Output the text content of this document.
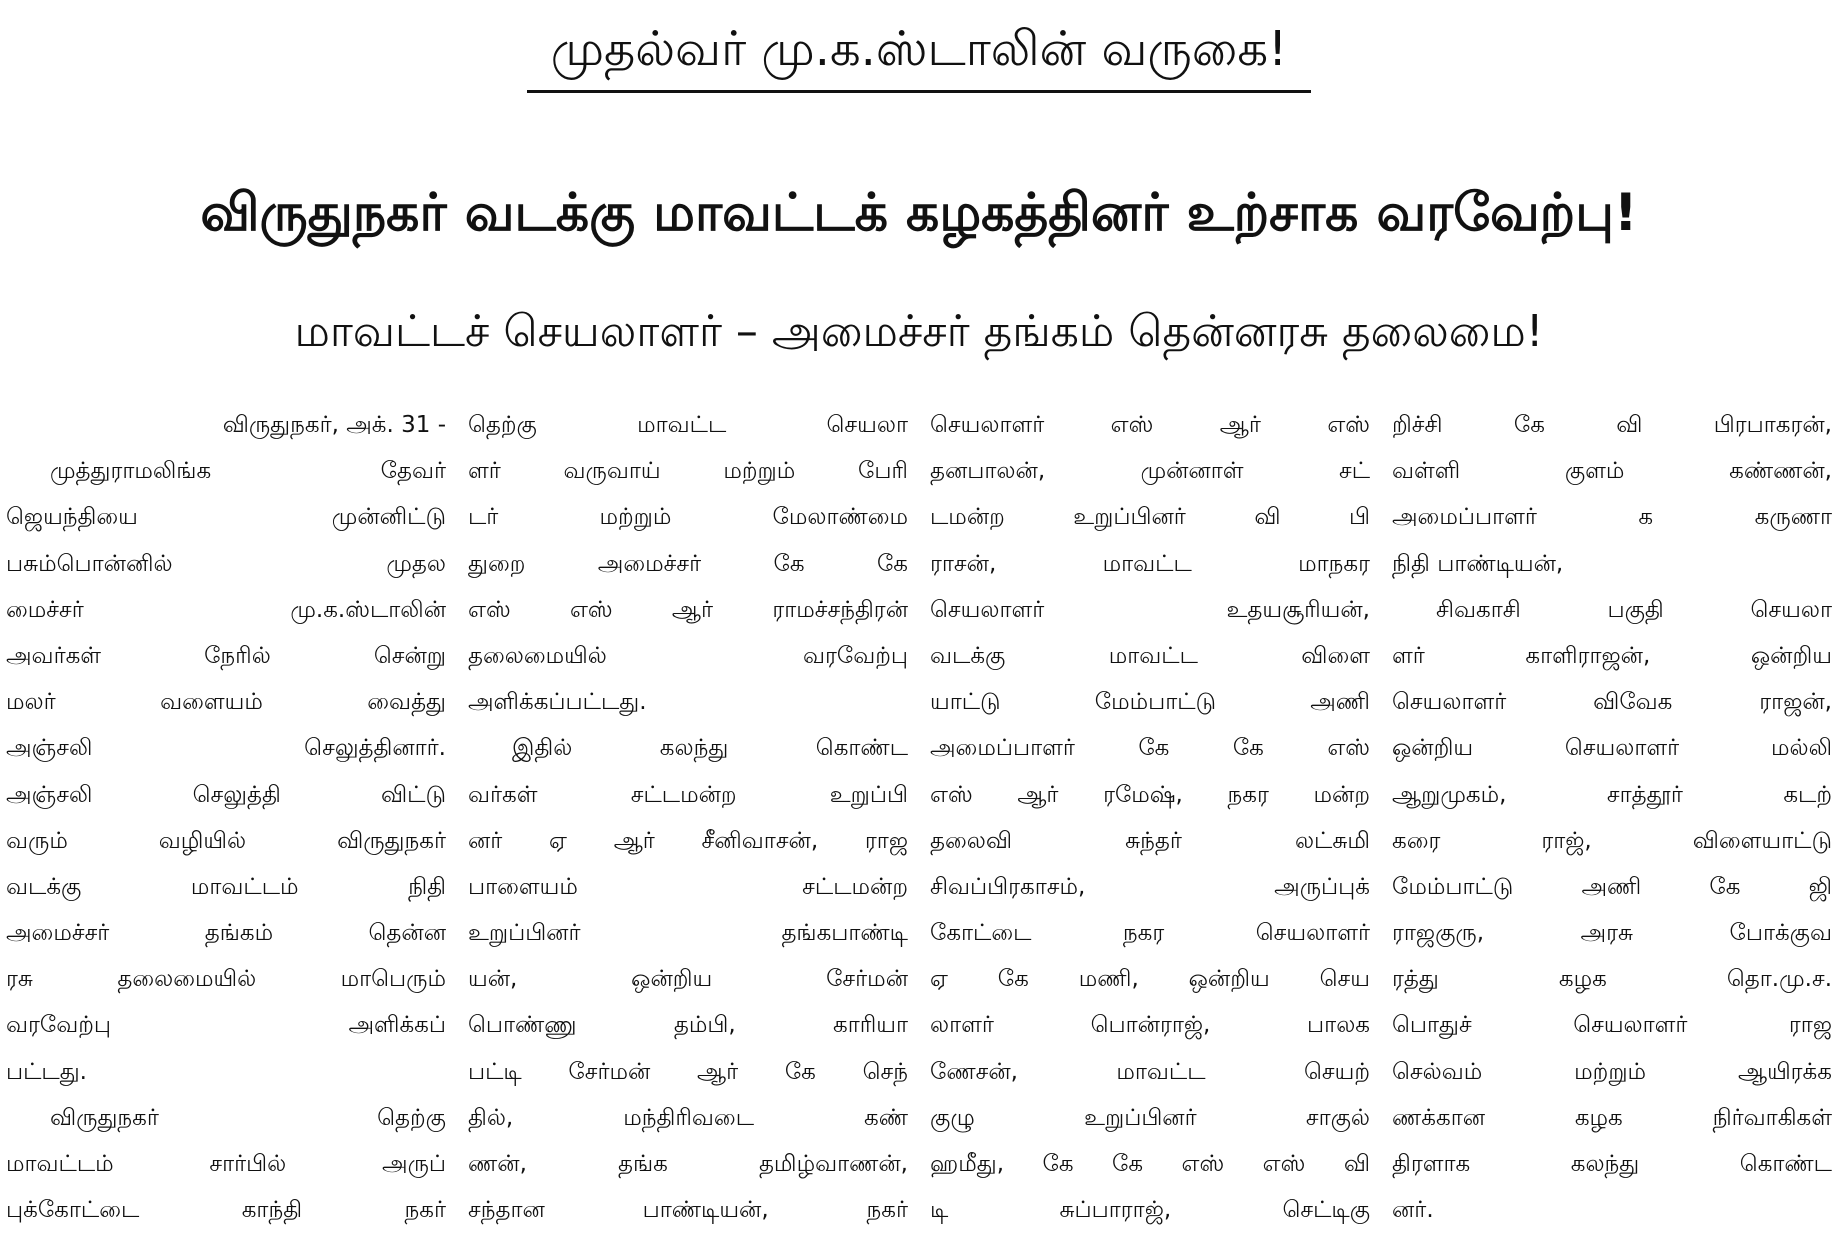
முதல்வர் மு.க.ஸ்டாலின் வருகை!
விருதுநகர் வடக்கு மாவட்டக் கழகத்தினர் உற்சாக வரவேற்பு!
மாவட்டச் செயலாளர் – அமைச்சர் தங்கம் தென்னரசு தலைமை!
விருதுநகர், அக். 31 -
முத்துராமலிங்க தேவர்
ஜெயந்தியை முன்னிட்டு
பசும்பொன்னில் முதல
மைச்சர் மு.க.ஸ்டாலின்
அவர்கள் நேரில் சென்று
மலர் வளையம் வைத்து
அஞ்சலி செலுத்தினார்.
அஞ்சலி செலுத்தி விட்டு
வரும் வழியில் விருதுநகர்
வடக்கு மாவட்டம் நிதி
அமைச்சர் தங்கம் தென்ன
ரசு தலைமையில் மாபெரும்
வரவேற்பு அளிக்கப்
பட்டது.
விருதுநகர் தெற்கு
மாவட்டம் சார்பில் அருப்
புக்கோட்டை காந்தி நகர்
தெற்கு மாவட்ட செயலா
ளர் வருவாய் மற்றும் பேரி
டர் மற்றும் மேலாண்மை
துறை அமைச்சர் கே கே
எஸ் எஸ் ஆர் ராமச்சந்திரன்
தலைமையில் வரவேற்பு
அளிக்கப்பட்டது.
இதில் கலந்து கொண்ட
வர்கள் சட்டமன்ற உறுப்பி
னர் ஏ ஆர் சீனிவாசன், ராஜ
பாளையம் சட்டமன்ற
உறுப்பினர் தங்கபாண்டி
யன், ஒன்றிய சேர்மன்
பொண்ணு தம்பி, காரியா
பட்டி சேர்மன் ஆர் கே செந்
தில், மந்திரிவடை கண்
ணன், தங்க தமிழ்வாணன்,
சந்தான பாண்டியன், நகர்
செயலாளர் எஸ் ஆர் எஸ்
தனபாலன், முன்னாள் சட்
டமன்ற உறுப்பினர் வி பி
ராசன், மாவட்ட மாநகர
செயலாளர் உதயசூரியன்,
வடக்கு மாவட்ட விளை
யாட்டு மேம்பாட்டு அணி
அமைப்பாளர் கே கே எஸ்
எஸ் ஆர் ரமேஷ், நகர மன்ற
தலைவி சுந்தர் லட்சுமி
சிவப்பிரகாசம், அருப்புக்
கோட்டை நகர செயலாளர்
ஏ கே மணி, ஒன்றிய செய
லாளர் பொன்ராஜ், பாலக
ணேசன், மாவட்ட செயற்
குழு உறுப்பினர் சாகுல்
ஹமீது, கே கே எஸ் எஸ் வி
டி சுப்பாராஜ், செட்டிகு
றிச்சி கே வி பிரபாகரன்,
வள்ளி குளம் கண்ணன்,
அமைப்பாளர் க கருணா
நிதி பாண்டியன்,
சிவகாசி பகுதி செயலா
ளர் காளிராஜன், ஒன்றிய
செயலாளர் விவேக ராஜன்,
ஒன்றிய செயலாளர் மல்லி
ஆறுமுகம், சாத்தூர் கடற்
கரை ராஜ், விளையாட்டு
மேம்பாட்டு அணி கே ஜி
ராஜகுரு, அரசு போக்குவ
ரத்து கழக தொ.மு.ச.
பொதுச் செயலாளர் ராஜ
செல்வம் மற்றும் ஆயிரக்க
ணக்கான கழக நிர்வாகிகள்
திரளாக கலந்து கொண்ட
னர்.
